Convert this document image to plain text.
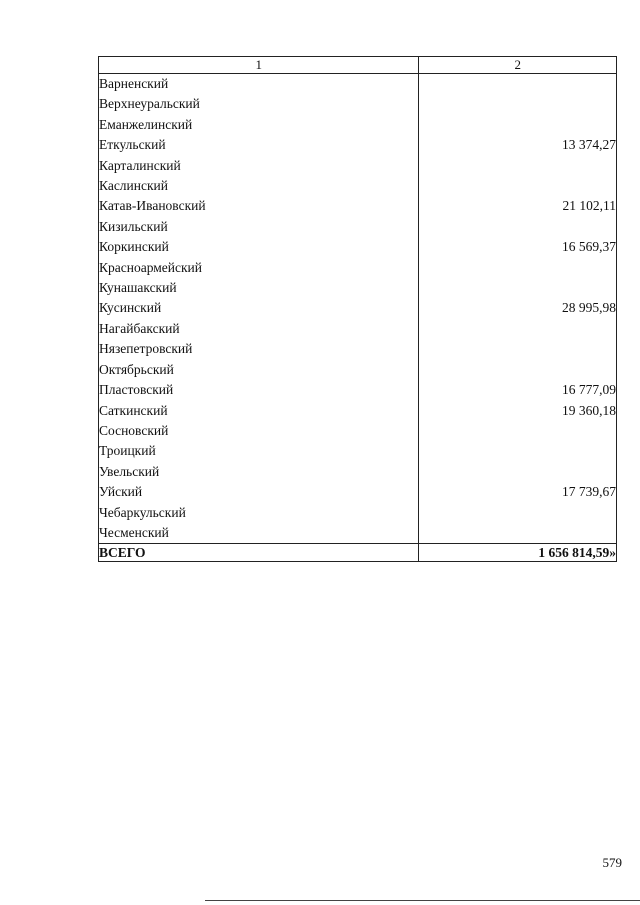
1	2
Варненский	
Верхнеуральский	
Еманжелинский	
Еткульский	13 374,27
Карталинский	
Каслинский	
Катав-Ивановский	21 102,11
Кизильский	
Коркинский	16 569,37
Красноармейский	
Кунашакский	
Кусинский	28 995,98
Нагайбакский	
Нязепетровский	
Октябрьский	
Пластовский	16 777,09
Саткинский	19 360,18
Сосновский	
Троицкий	
Увельский	
Уйский	17 739,67
Чебаркульский	
Чесменский	
ВСЕГО	1 656 814,59»
579
